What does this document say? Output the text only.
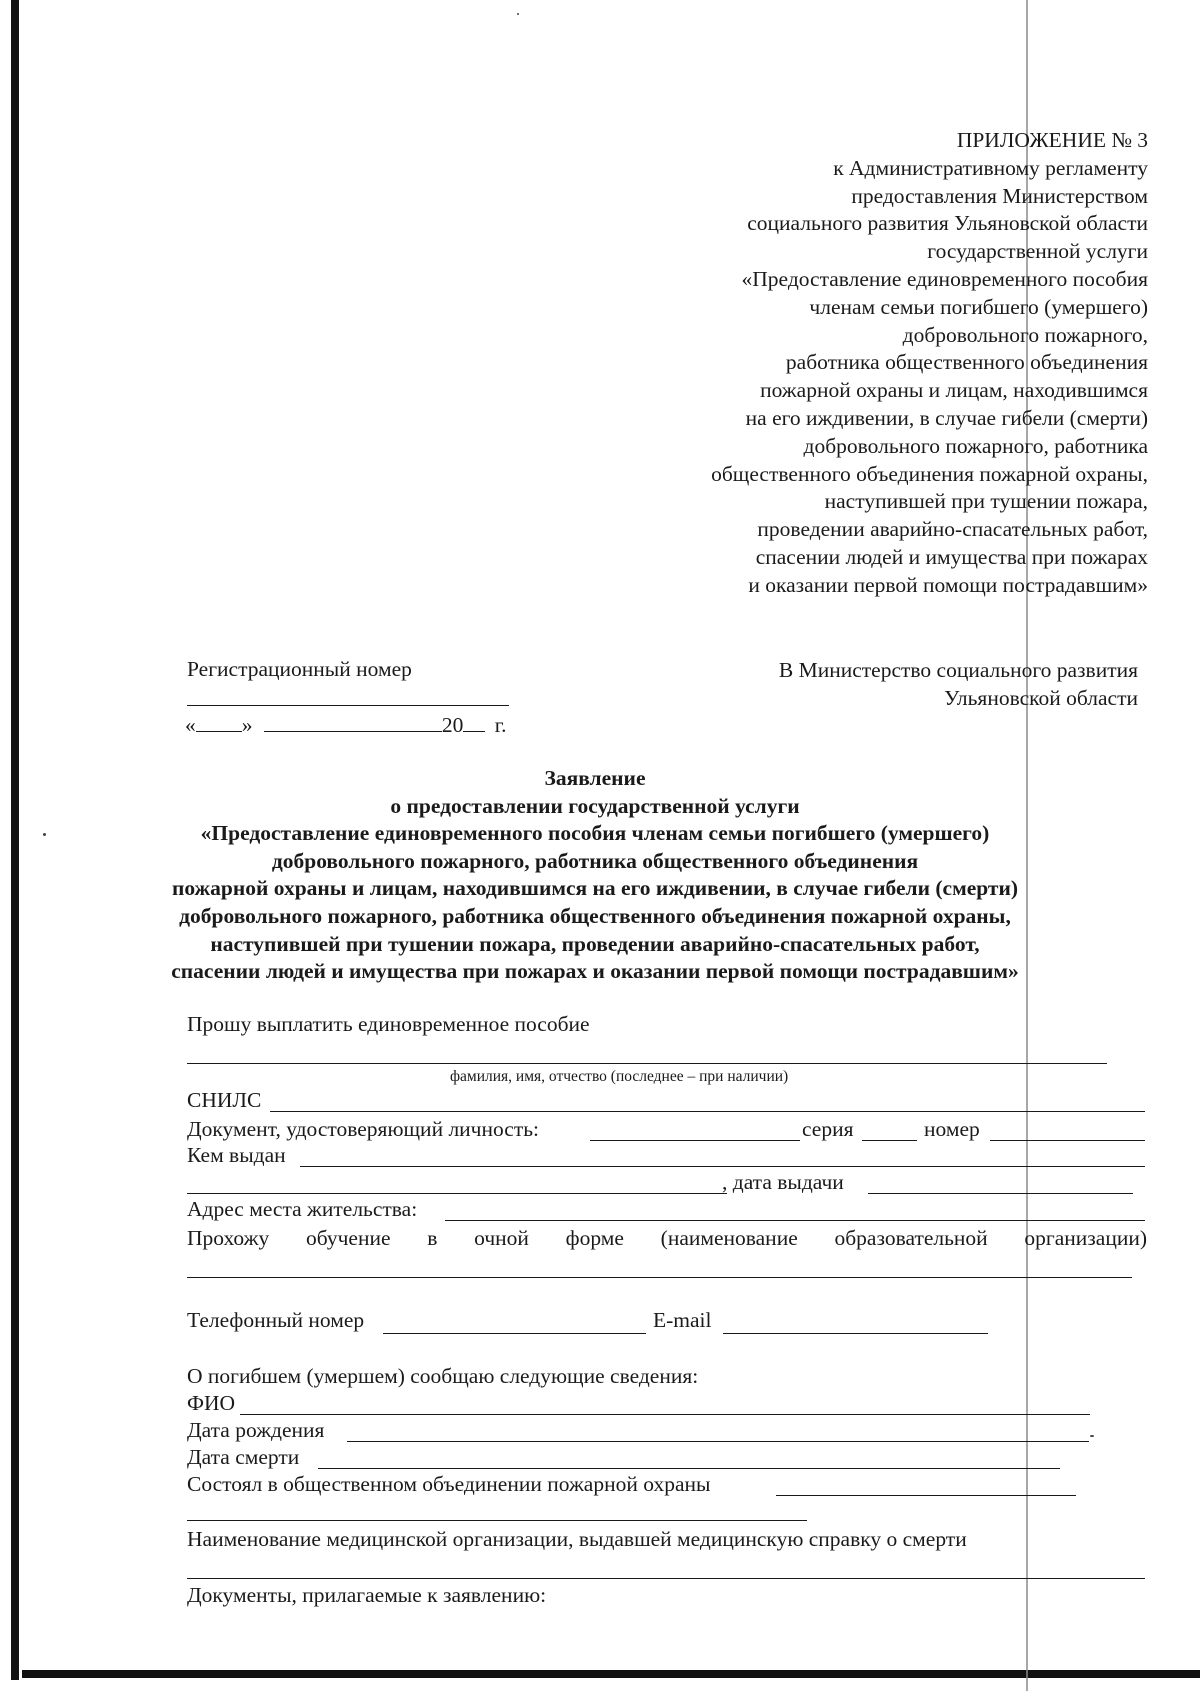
ПРИЛОЖЕНИЕ № 3
к Административному регламенту
предоставления Министерством
социального развития Ульяновской области
государственной услуги
«Предоставление единовременного пособия
членам семьи погибшего (умершего)
добровольного пожарного,
работника общественного объединения
пожарной охраны и лицам, находившимся
на его иждивении, в случае гибели (смерти)
добровольного пожарного, работника
общественного объединения пожарной охраны,
наступившей при тушении пожара,
проведении аварийно-спасательных работ,
спасении людей и имущества при пожарах
и оказании первой помощи пострадавшим»
Регистрационный номер
« »	20 г.
В Министерство социального развития
Ульяновской области
Заявление
о предоставлении государственной услуги
«Предоставление единовременного пособия членам семьи погибшего (умершего)
добровольного пожарного, работника общественного объединения
пожарной охраны и лицам, находившимся на его иждивении, в случае гибели (смерти)
добровольного пожарного, работника общественного объединения пожарной охраны,
наступившей при тушении пожара, проведении аварийно-спасательных работ,
спасении людей и имущества при пожарах и оказании первой помощи пострадавшим»
Прошу выплатить единовременное пособие
фамилия, имя, отчество (последнее – при наличии)
СНИЛС
Документ, удостоверяющий личность:	серия	номер
Кем выдан
, дата выдачи
Адрес места жительства:
Прохожу обучение в очной форме (наименование образовательной организации)
Телефонный номер	E-mail
О погибшем (умершем) сообщаю следующие сведения:
ФИО
Дата рождения
Дата смерти
Состоял в общественном объединении пожарной охраны
Наименование медицинской организации, выдавшей медицинскую справку о смерти
Документы, прилагаемые к заявлению:
